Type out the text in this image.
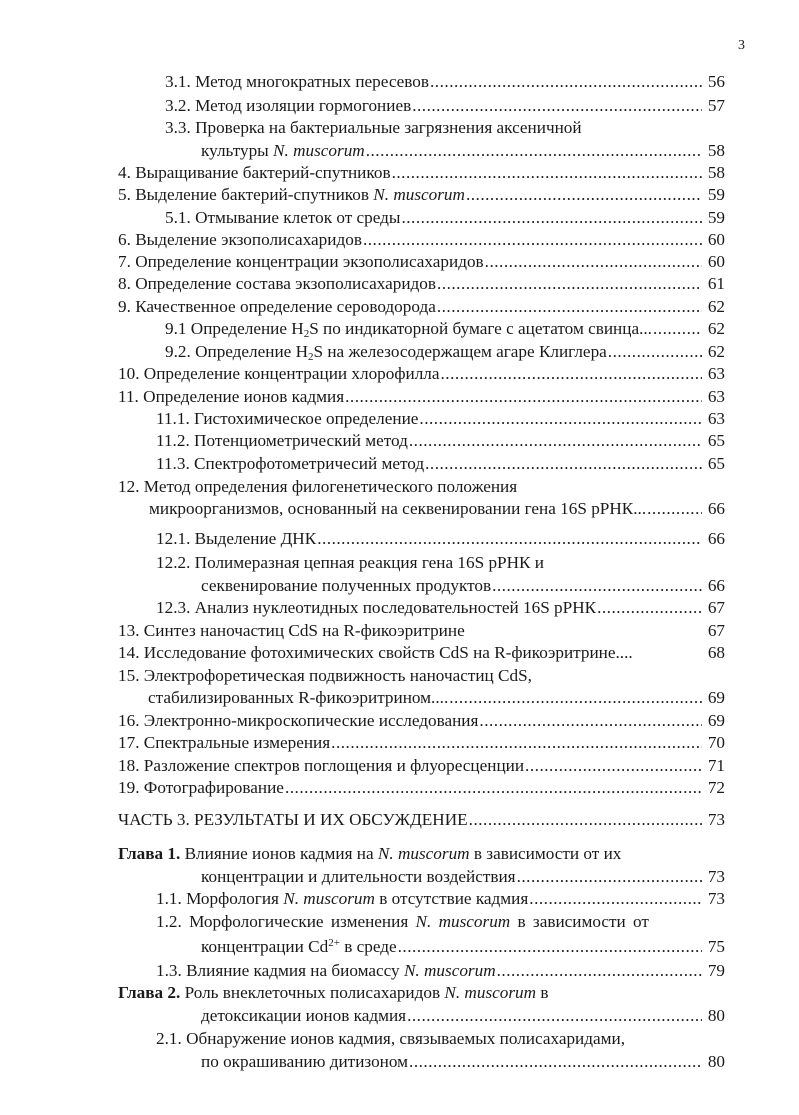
3
3.1. Метод многократных пересевов .....	56
3.2. Метод изоляции гормогониев .....	57
3.3. Проверка на бактериальные загрязнения аксеничной
культуры N. muscorum .....	58
4. Выращивание бактерий-спутников .....	58
5. Выделение бактерий-спутников N. muscorum .....	59
5.1. Отмывание клеток от среды .....	59
6. Выделение экзополисахаридов .....	60
7. Определение концентрации экзополисахаридов .....	60
8. Определение состава экзополисахаридов .....	61
9. Качественное определение сероводорода .....	62
9.1 Определение $H_2S$ по индикаторной бумаге с ацетатом свинца... .....	62
9.2. Определение $H_2S$ на железосодержащем агаре Клиглера .....	62
10. Определение концентрации хлорофилла .....	63
11. Определение ионов кадмия .....	63
11.1. Гистохимическое определение .....	63
11.2. Потенциометрический метод .....	65
11.3. Спектрофотометричесий метод .....	65
12. Метод определения филогенетического положения
микроорганизмов, основанный на секвенировании гена 16S рРНК... .....	66
12.1. Выделение ДНК .....	66
12.2. Полимеразная цепная реакция гена 16S рРНК и
секвенирование полученных продуктов .....	66
12.3. Анализ нуклеотидных последовательностей 16S рРНК .....	67
13. Синтез наночастиц CdS на R-фикоэритрине	67
14. Исследование фотохимических свойств CdS на R-фикоэритрине....	68
15. Электрофоретическая подвижность наночастиц CdS,
стабилизированных R-фикоэритрином.... .....	69
16. Электронно-микроскопические исследования .....	69
17. Спектральные измерения .....	70
18. Разложение спектров поглощения и флуоресценции .....	71
19. Фотографирование .....	72
ЧАСТЬ 3. РЕЗУЛЬТАТЫ И ИХ ОБСУЖДЕНИЕ .....	73
Глава 1. Влияние ионов кадмия на N. muscorum в зависимости от их
концентрации и длительности воздействия .....	73
1.1. Морфология N. muscorum в отсутствие кадмия .....	73
1.2. Морфологические изменения N. muscorum в зависимости от
концентрации $Cd^{2+}$ в среде .....	75
1.3. Влияние кадмия на биомассу N. muscorum .....	79
Глава 2. Роль внеклеточных полисахаридов N. muscorum в
детоксикации ионов кадмия .....	80
2.1. Обнаружение ионов кадмия, связываемых полисахаридами,
по окрашиванию дитизоном .....	80
